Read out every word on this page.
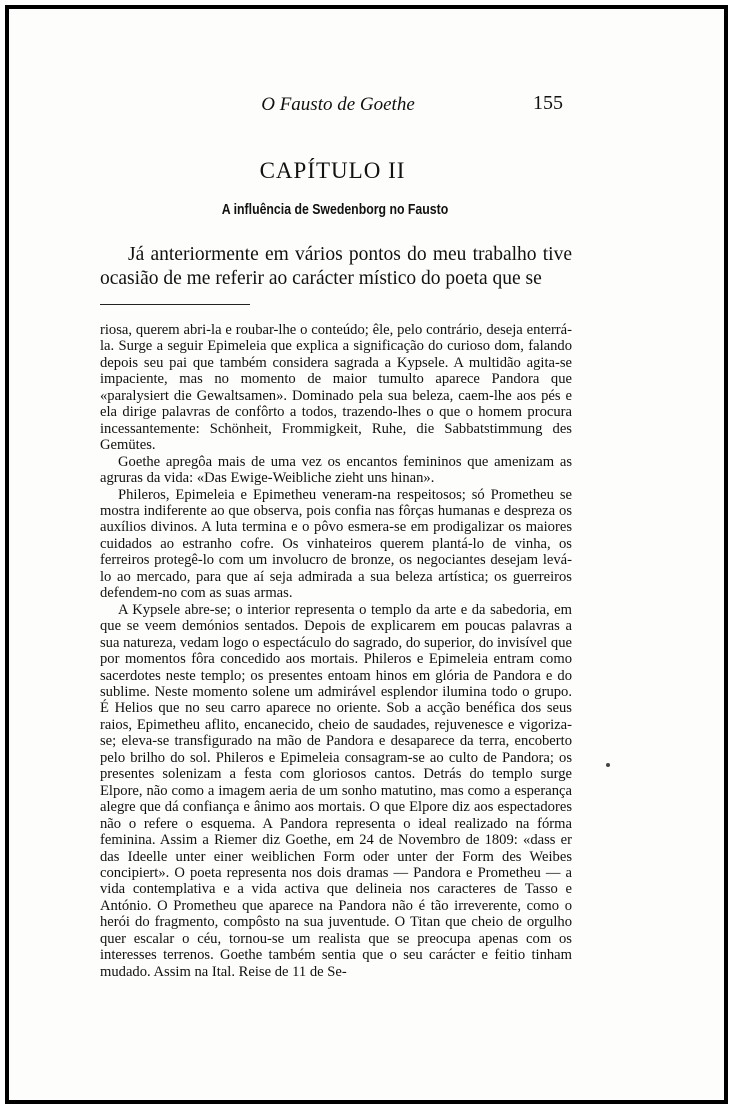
O Fausto de Goethe	155
CAPÍTULO II
A influência de Swedenborg no Fausto
Já anteriormente em vários pontos do meu trabalho tive ocasião de me referir ao carácter místico do poeta que se

riosa, querem abri-la e roubar-lhe o conteúdo; êle, pelo contrário, deseja enterrá-la. Surge a seguir Epimeleia que explica a significação do curioso dom, falando depois seu pai que também considera sagrada a Kypsele. A multidão agita-se impaciente, mas no momento de maior tumulto aparece Pandora que «paralysiert die Gewaltsamen». Dominado pela sua beleza, caem-lhe aos pés e ela dirige palavras de confôrto a todos, trazendo-lhes o que o homem procura incessantemente: Schönheit, Frommigkeit, Ruhe, die Sabbatstimmung des Gemütes.

Goethe apregôa mais de uma vez os encantos femininos que amenizam as agruras da vida: «Das Ewige-Weibliche zieht uns hinan».

Phileros, Epimeleia e Epimetheu veneram-na respeitosos; só Prometheu se mostra indiferente ao que observa, pois confia nas fôrças humanas e despreza os auxílios divinos. A luta termina e o pôvo esmera-se em prodigalizar os maiores cuidados ao estranho cofre. Os vinhateiros querem plantá-lo de vinha, os ferreiros protegê-lo com um involucro de bronze, os negociantes desejam levá-lo ao mercado, para que aí seja admirada a sua beleza artística; os guerreiros defendem-no com as suas armas.

A Kypsele abre-se; o interior representa o templo da arte e da sabedoria, em que se veem demónios sentados. Depois de explicarem em poucas palavras a sua natureza, vedam logo o espectáculo do sagrado, do superior, do invisível que por momentos fôra concedido aos mortais. Phileros e Epimeleia entram como sacerdotes neste templo; os presentes entoam hinos em glória de Pandora e do sublime. Neste momento solene um admirável esplendor ilumina todo o grupo. É Helios que no seu carro aparece no oriente. Sob a acção benéfica dos seus raios, Epimetheu aflito, encanecido, cheio de saudades, rejuvenesce e vigoriza-se; eleva-se transfigurado na mão de Pandora e desaparece da terra, encoberto pelo brilho do sol. Phileros e Epimeleia consagram-se ao culto de Pandora; os presentes solenizam a festa com gloriosos cantos. Detrás do templo surge Elpore, não como a imagem aeria de um sonho matutino, mas como a esperança alegre que dá confiança e ânimo aos mortais. O que Elpore diz aos espectadores não o refere o esquema. A Pandora representa o ideal realizado na fórma feminina. Assim a Riemer diz Goethe, em 24 de Novembro de 1809: «dass er das Ideelle unter einer weiblichen Form oder unter der Form des Weibes concipiert». O poeta representa nos dois dramas — Pandora e Prometheu — a vida contemplativa e a vida activa que delineia nos caracteres de Tasso e António. O Prometheu que aparece na Pandora não é tão irreverente, como o herói do fragmento, compôsto na sua juventude. O Titan que cheio de orgulho quer escalar o céu, tornou-se um realista que se preocupa apenas com os interesses terrenos. Goethe também sentia que o seu carácter e feitio tinham mudado. Assim na Ital. Reise de 11 de Se-
